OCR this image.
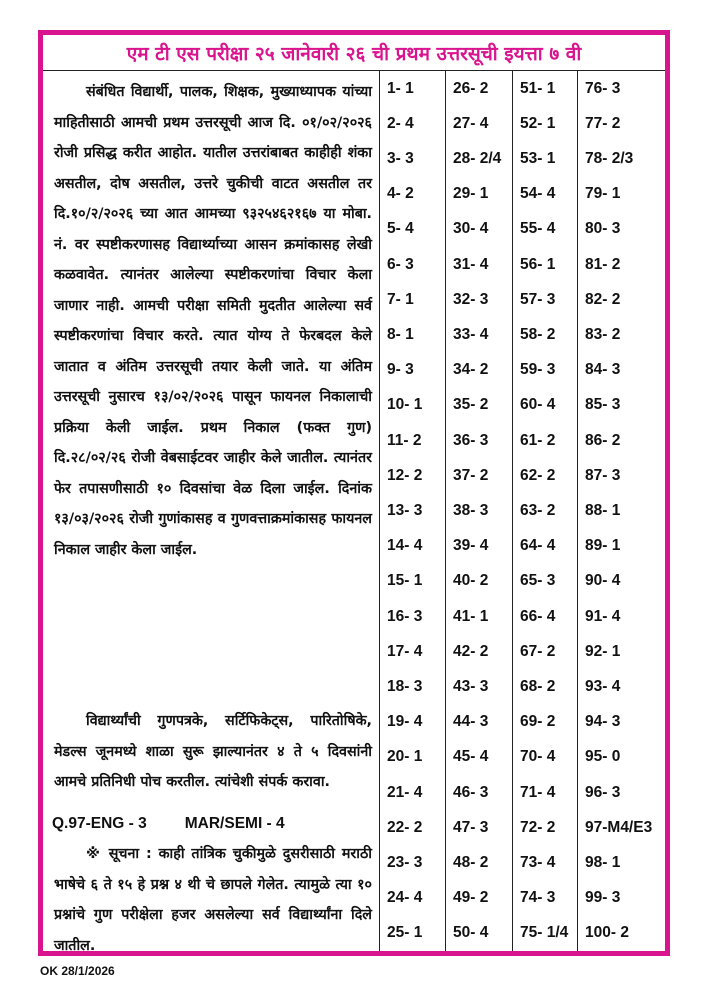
एम टी एस परीक्षा २५ जानेवारी २६ ची प्रथम उत्तरसूची इयत्ता ७ वी

संबंधित विद्यार्थी, पालक, शिक्षक, मुख्याध्यापक यांच्या माहितीसाठी आमची प्रथम उत्तरसूची आज दि. ०१/०२/२०२६ रोजी प्रसिद्ध करीत आहोत. यातील उत्तरांबाबत काहीही शंका असतील, दोष असतील, उत्तरे चुकीची वाटत असतील तर दि.१०/२/२०२६ च्या आत आमच्या ९३२५४६२१६७ या मोबा. नं. वर स्पष्टीकरणासह विद्यार्थ्याच्या आसन क्रमांकासह लेखी कळवावेत. त्यानंतर आलेल्या स्पष्टीकरणांचा विचार केला जाणार नाही. आमची परीक्षा समिती मुदतीत आलेल्या सर्व स्पष्टीकरणांचा विचार करते. त्यात योग्य ते फेरबदल केले जातात व अंतिम उत्तरसूची तयार केली जाते. या अंतिम उत्तरसूची नुसारच १३/०२/२०२६ पासून फायनल निकालाची प्रक्रिया केली जाईल. प्रथम निकाल (फक्त गुण) दि.२८/०२/२६ रोजी वेबसाईटवर जाहीर केले जातील. त्यानंतर फेर तपासणीसाठी १० दिवसांचा वेळ दिला जाईल. दिनांक १३/०३/२०२६ रोजी गुणांकासह व गुणवत्ताक्रमांकासह फायनल निकाल जाहीर केला जाईल.

Q.97-ENG - 3 MAR/SEMI - 4

विद्यार्थ्यांची गुणपत्रके, सर्टिफिकेट्स, पारितोषिके, मेडल्स जूनमध्ये शाळा सुरू झाल्यानंतर ४ ते ५ दिवसांनी आमचे प्रतिनिधी पोच करतील. त्यांचेशी संपर्क करावा.

※ सूचना : काही तांत्रिक चुकीमुळे दुसरीसाठी मराठी भाषेचे ६ ते १५ हे प्रश्न ४ थी चे छापले गेलेत. त्यामुळे त्या १० प्रश्नांचे गुण परीक्षेला हजर असलेल्या सर्व विद्यार्थ्यांना दिले जातील.

1- 1
2- 4
3- 3
4- 2
5- 4
6- 3
7- 1
8- 1
9- 3
10- 1
11- 2
12- 2
13- 3
14- 4
15- 1
16- 3
17- 4
18- 3
19- 4
20- 1
21- 4
22- 2
23- 3
24- 4
25- 1
26- 2
27- 4
28- 2/4
29- 1
30- 4
31- 4
32- 3
33- 4
34- 2
35- 2
36- 3
37- 2
38- 3
39- 4
40- 2
41- 1
42- 2
43- 3
44- 3
45- 4
46- 3
47- 3
48- 2
49- 2
50- 4
51- 1
52- 1
53- 1
54- 4
55- 4
56- 1
57- 3
58- 2
59- 3
60- 4
61- 2
62- 2
63- 2
64- 4
65- 3
66- 4
67- 2
68- 2
69- 2
70- 4
71- 4
72- 2
73- 4
74- 3
75- 1/4
76- 3
77- 2
78- 2/3
79- 1
80- 3
81- 2
82- 2
83- 2
84- 3
85- 3
86- 2
87- 3
88- 1
89- 1
90- 4
91- 4
92- 1
93- 4
94- 3
95- 0
96- 3
97-M4/E3
98- 1
99- 3
100- 2
OK 28/1/2026
